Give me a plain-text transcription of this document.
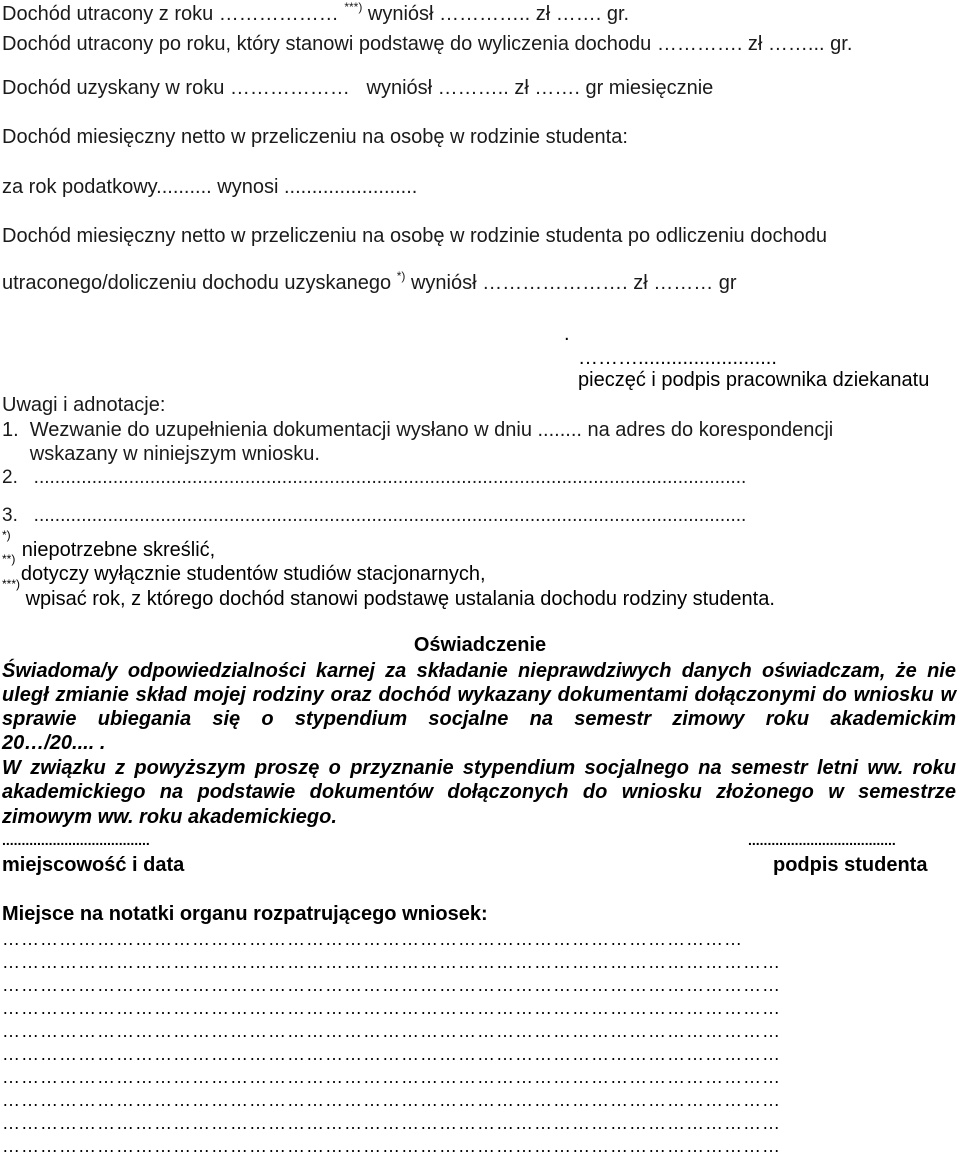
Dochód utracony z roku ……………… ***) wyniósł ………….. zł ……. gr.
Dochód utracony po roku, który stanowi podstawę do wyliczenia dochodu …………. zł ……... gr.
Dochód uzyskany w roku ………………   wyniósł ……….. zł ……. gr miesięcznie
Dochód miesięczny netto w przeliczeniu na osobę w rodzinie studenta:
za rok podatkowy.......... wynosi ........................
Dochód miesięczny netto w przeliczeniu na osobę w rodzinie studenta po odliczeniu dochodu
utraconego/doliczeniu dochodu uzyskanego *) wyniósł …………………. zł ……… gr
.
……….........................
pieczęć i podpis pracownika dziekanatu
Uwagi i adnotacje:
1.  Wezwanie do uzupełnienia dokumentacji wysłano w dniu ........ na adres do korespondencji
wskazany w niniejszym wniosku.
2.   .......................................................................................................................................
3.   .......................................................................................................................................
*)  niepotrzebne skreślić,
**) dotyczy wyłącznie studentów studiów stacjonarnych,
***) wpisać rok, z którego dochód stanowi podstawę ustalania dochodu rodziny studenta.
Oświadczenie
Świadoma/y odpowiedzialności karnej za składanie nieprawdziwych danych oświadczam, że nie uległ zmianie skład mojej rodziny oraz dochód wykazany dokumentami dołączonymi do wniosku w sprawie ubiegania się o stypendium socjalne na semestr zimowy roku akademickim
20…/20.... .
W związku z powyższym proszę o przyznanie stypendium socjalnego na semestr letni ww. roku akademickiego na podstawie dokumentów dołączonych do wniosku złożonego w semestrze
zimowym ww. roku akademickiego.
......................................
miejscowość i data
......................................
podpis studenta
Miejsce na notatki organu rozpatrującego wniosek:
………………………………………………………………………………………………………
……………………………………………………………………………………………………………
……………………………………………………………………………………………………………
……………………………………………………………………………………………………………
……………………………………………………………………………………………………………
……………………………………………………………………………………………………………
……………………………………………………………………………………………………………
……………………………………………………………………………………………………………
……………………………………………………………………………………………………………
……………………………………………………………………………………………………………
